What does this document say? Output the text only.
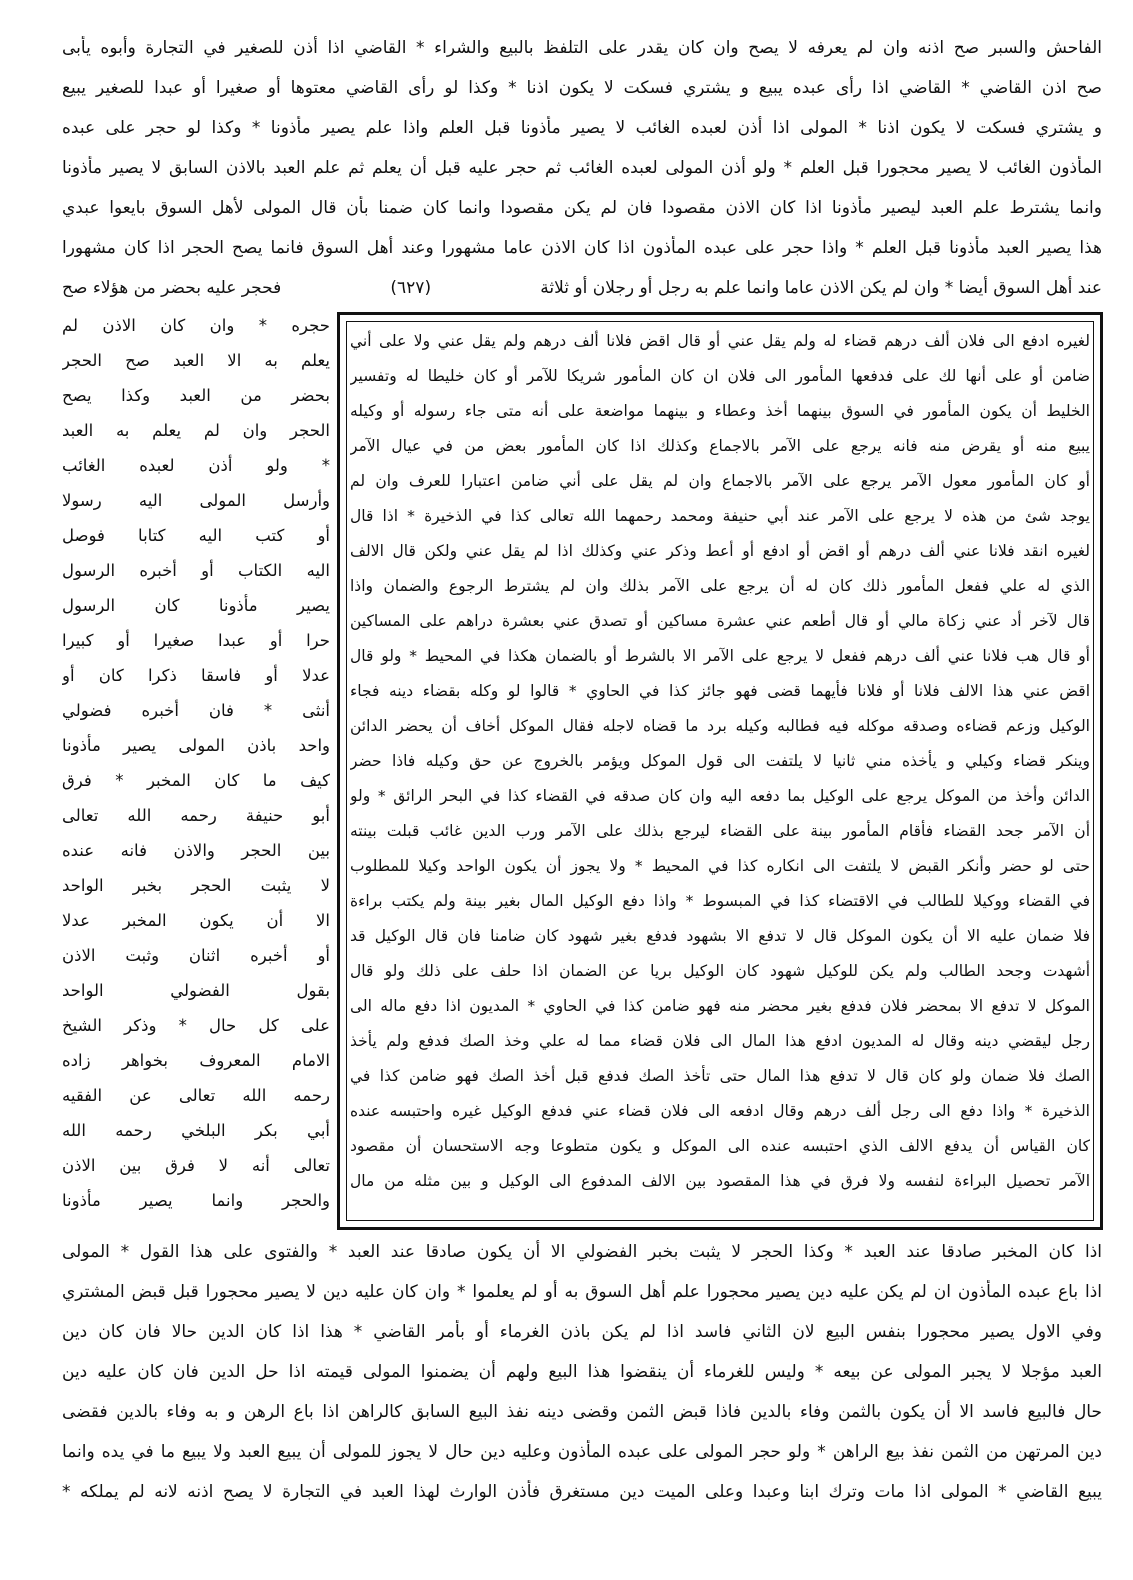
الفاحش والسبر صح اذنه وان لم يعرفه لا يصح وان كان يقدر على التلفظ بالبيع والشراء * القاضي اذا أذن للصغير في التجارة وأبوه يأبى
صح اذن القاضي * القاضي اذا رأى عبده يبيع و يشتري فسكت لا يكون اذنا * وكذا لو رأى القاضي معتوها أو صغيرا أو عبدا للصغير يبيع
و يشتري فسكت لا يكون اذنا * المولى اذا أذن لعبده الغائب لا يصير مأذونا قبل العلم واذا علم يصير مأذونا * وكذا لو حجر على عبده
المأذون الغائب لا يصير محجورا قبل العلم * ولو أذن المولى لعبده الغائب ثم حجر عليه قبل أن يعلم ثم علم العبد بالاذن السابق لا يصير مأذونا
وانما يشترط علم العبد ليصير مأذونا اذا كان الاذن مقصودا فان لم يكن مقصودا وانما كان ضمنا بأن قال المولى لأهل السوق بايعوا عبدي
هذا يصير العبد مأذونا قبل العلم * واذا حجر على عبده المأذون اذا كان الاذن عاما مشهورا وعند أهل السوق فانما يصح الحجر اذا كان مشهورا
عند أهل السوق أيضا * وان لم يكن الاذن عاما وانما علم به رجل أو رجلان أو ثلاثة
(٦٢٧)
فحجر عليه بحضر من هؤلاء صح
لغيره ادفع الى فلان ألف درهم قضاء له ولم يقل عني أو قال اقض فلانا ألف درهم ولم يقل عني ولا على أني
ضامن أو على أنها لك على فدفعها المأمور الى فلان ان كان المأمور شريكا للآمر أو كان خليطا له وتفسير
الخليط أن يكون المأمور في السوق بينهما أخذ وعطاء و بينهما مواضعة على أنه متى جاء رسوله أو وكيله
يبيع منه أو يقرض منه فانه يرجع على الآمر بالاجماع وكذلك اذا كان المأمور بعض من في عيال الآمر
أو كان المأمور معول الآمر يرجع على الآمر بالاجماع وان لم يقل على أني ضامن اعتبارا للعرف وان لم
يوجد شئ من هذه لا يرجع على الآمر عند أبي حنيفة ومحمد رحمهما الله تعالى كذا في الذخيرة * اذا قال
لغيره انقد فلانا عني ألف درهم أو اقض أو ادفع أو أعط وذكر عني وكذلك اذا لم يقل عني ولكن قال الالف
الذي له علي ففعل المأمور ذلك كان له أن يرجع على الآمر بذلك وان لم يشترط الرجوع والضمان واذا
قال لآخر أد عني زكاة مالي أو قال أطعم عني عشرة مساكين أو تصدق عني بعشرة دراهم على المساكين
أو قال هب فلانا عني ألف درهم ففعل لا يرجع على الآمر الا بالشرط أو بالضمان هكذا في المحيط * ولو قال
اقض عني هذا الالف فلانا أو فلانا فأيهما قضى فهو جائز كذا في الحاوي * قالوا لو وكله بقضاء دينه فجاء
الوكيل وزعم قضاءه وصدقه موكله فيه فطالبه وكيله برد ما قضاه لاجله فقال الموكل أخاف أن يحضر الدائن
وينكر قضاء وكيلي و يأخذه مني ثانيا لا يلتفت الى قول الموكل ويؤمر بالخروج عن حق وكيله فاذا حضر
الدائن وأخذ من الموكل يرجع على الوكيل بما دفعه اليه وان كان صدقه في القضاء كذا في البحر الرائق * ولو
أن الآمر جحد القضاء فأقام المأمور بينة على القضاء ليرجع بذلك على الآمر ورب الدين غائب قبلت بينته
حتى لو حضر وأنكر القبض لا يلتفت الى انكاره كذا في المحيط * ولا يجوز أن يكون الواحد وكيلا للمطلوب
في القضاء ووكيلا للطالب في الاقتضاء كذا في المبسوط * واذا دفع الوكيل المال بغير بينة ولم يكتب براءة
فلا ضمان عليه الا أن يكون الموكل قال لا تدفع الا بشهود فدفع بغير شهود كان ضامنا فان قال الوكيل قد
أشهدت وجحد الطالب ولم يكن للوكيل شهود كان الوكيل بريا عن الضمان اذا حلف على ذلك ولو قال
الموكل لا تدفع الا بمحضر فلان فدفع بغير محضر منه فهو ضامن كذا في الحاوي * المديون اذا دفع ماله الى
رجل ليقضي دينه وقال له المديون ادفع هذا المال الى فلان قضاء مما له علي وخذ الصك فدفع ولم يأخذ
الصك فلا ضمان ولو كان قال لا تدفع هذا المال حتى تأخذ الصك فدفع قبل أخذ الصك فهو ضامن كذا في
الذخيرة * واذا دفع الى رجل ألف درهم وقال ادفعه الى فلان قضاء عني فدفع الوكيل غيره واحتبسه عنده
كان القياس أن يدفع الالف الذي احتبسه عنده الى الموكل و يكون متطوعا وجه الاستحسان أن مقصود
الآمر تحصيل البراءة لنفسه ولا فرق في هذا المقصود بين الالف المدفوع الى الوكيل و بين مثله من مال
حجره * وان كان الاذن لم
يعلم به الا العبد صح الحجر
بحضر من العبد وكذا يصح
الحجر وان لم يعلم به العبد
* ولو أذن لعبده الغائب
وأرسل المولى اليه رسولا
أو كتب اليه كتابا فوصل
اليه الكتاب أو أخبره الرسول
يصير مأذونا كان الرسول
حرا أو عبدا صغيرا أو كبيرا
عدلا أو فاسقا ذكرا كان أو
أنثى * فان أخبره فضولي
واحد باذن المولى يصير مأذونا
كيف ما كان المخبر * فرق
أبو حنيفة رحمه الله تعالى
بين الحجر والاذن فانه عنده
لا يثبت الحجر بخبر الواحد
الا أن يكون المخبر عدلا
أو أخبره اثنان وثبت الاذن
بقول الفضولي الواحد
على كل حال * وذكر الشيخ
الامام المعروف بخواهر زاده
رحمه الله تعالى عن الفقيه
أبي بكر البلخي رحمه الله
تعالى أنه لا فرق بين الاذن
والحجر وانما يصير مأذونا
اذا كان المخبر صادقا عند العبد * وكذا الحجر لا يثبت بخبر الفضولي الا أن يكون صادقا عند العبد * والفتوى على هذا القول * المولى
اذا باع عبده المأذون ان لم يكن عليه دين يصير محجورا علم أهل السوق به أو لم يعلموا * وان كان عليه دين لا يصير محجورا قبل قبض المشتري
وفي الاول يصير محجورا بنفس البيع لان الثاني فاسد اذا لم يكن باذن الغرماء أو بأمر القاضي * هذا اذا كان الدين حالا فان كان دين
العبد مؤجلا لا يجبر المولى عن بيعه * وليس للغرماء أن ينقضوا هذا البيع ولهم أن يضمنوا المولى قيمته اذا حل الدين فان كان عليه دين
حال فالبيع فاسد الا أن يكون بالثمن وفاء بالدين فاذا قبض الثمن وقضى دينه نفذ البيع السابق كالراهن اذا باع الرهن و به وفاء بالدين فقضى
دين المرتهن من الثمن نفذ بيع الراهن * ولو حجر المولى على عبده المأذون وعليه دين حال لا يجوز للمولى أن يبيع العبد ولا يبيع ما في يده وانما
يبيع القاضي * المولى اذا مات وترك ابنا وعبدا وعلى الميت دين مستغرق فأذن الوارث لهذا العبد في التجارة لا يصح اذنه لانه لم يملكه *
